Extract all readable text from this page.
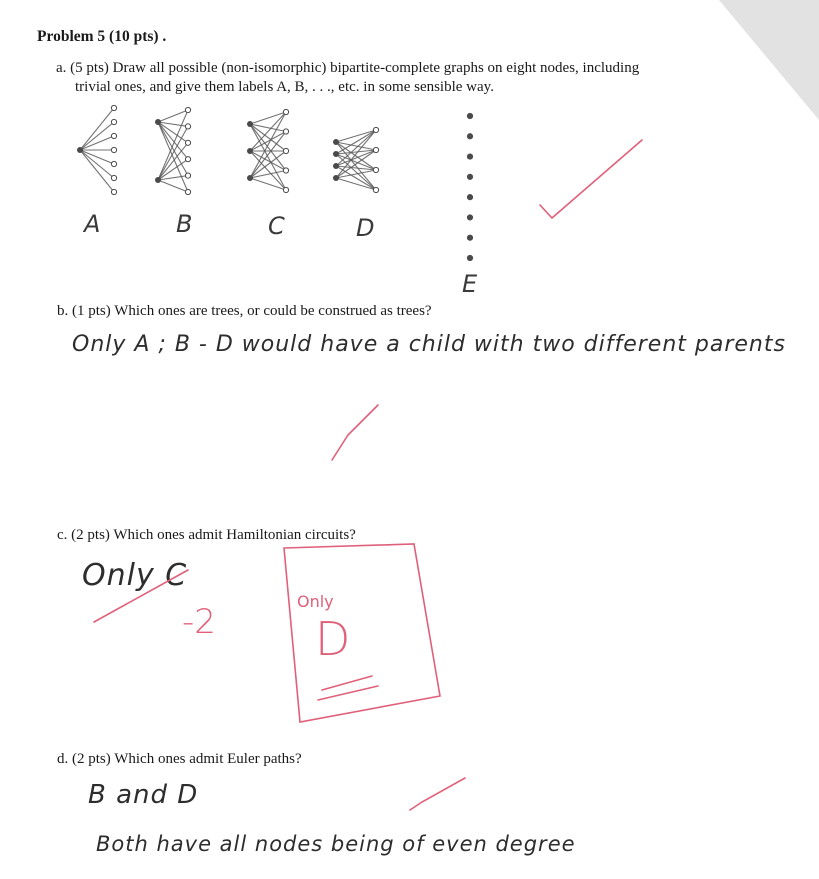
Problem 5 (10 pts) .
a. (5 pts) Draw all possible (non-isomorphic) bipartite-complete graphs on eight nodes, including
trivial ones, and give them labels A, B, . . ., etc. in some sensible way.
A	B	C	D
E
b. (1 pts) Which ones are trees, or could be construed as trees?
Only A ; B - D would have a child with two different parents
c. (2 pts) Which ones admit Hamiltonian circuits?
Only C
-2
Only
D
d. (2 pts) Which ones admit Euler paths?
B and D
Both have all nodes being of even degree
